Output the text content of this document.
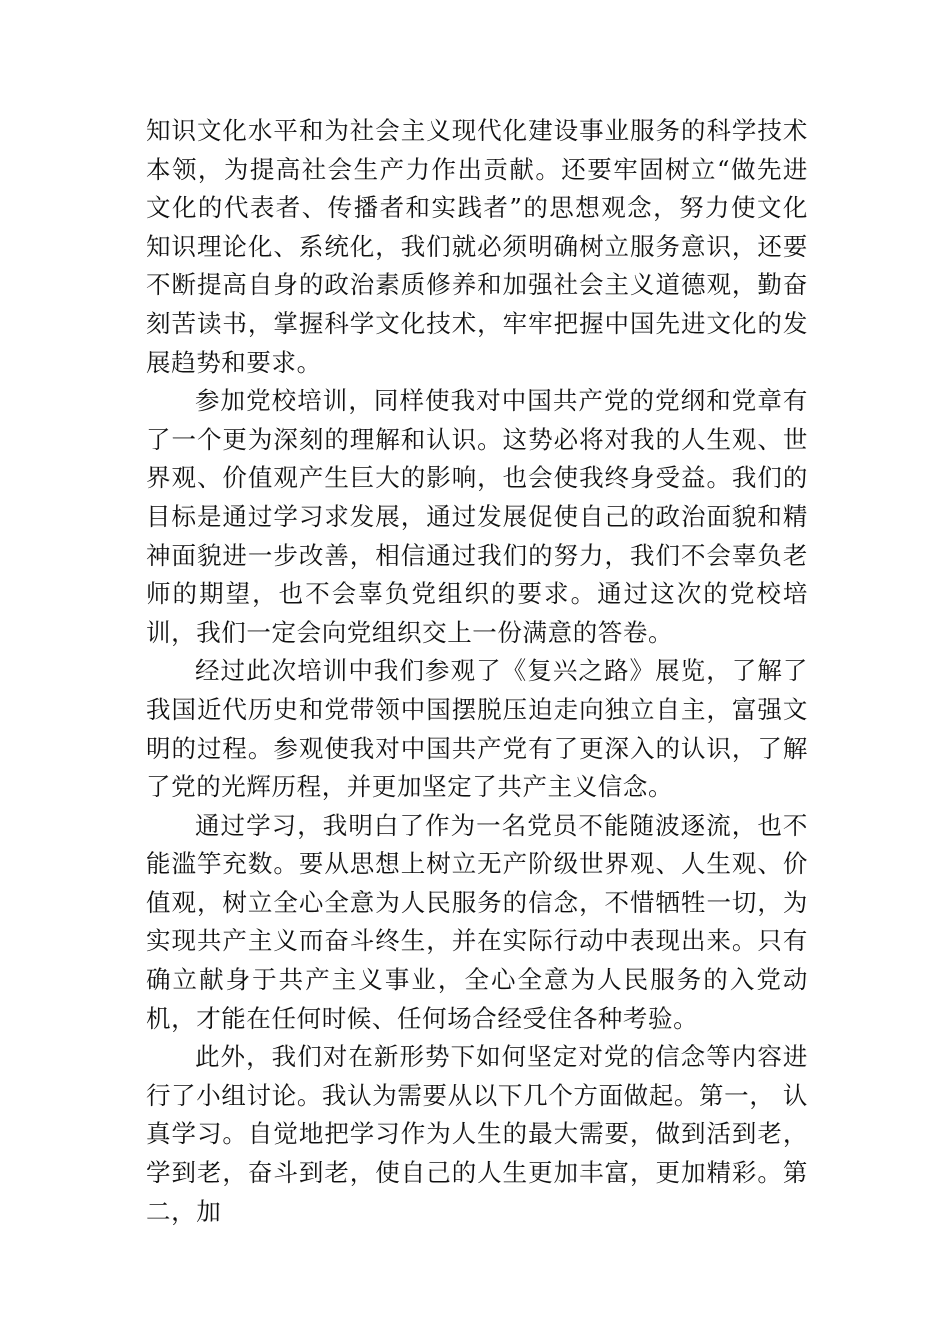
知识文化水平和为社会主义现代化建设事业服务的科学技术本领，为提高社会生产力作出贡献。还要牢固树立“做先进文化的代表者、传播者和实践者”的思想观念，努力使文化知识理论化、系统化，我们就必须明确树立服务意识，还要不断提高自身的政治素质修养和加强社会主义道德观，勤奋刻苦读书，掌握科学文化技术，牢牢把握中国先进文化的发展趋势和要求。

参加党校培训，同样使我对中国共产党的党纲和党章有了一个更为深刻的理解和认识。这势必将对我的人生观、世界观、价值观产生巨大的影响，也会使我终身受益。我们的目标是通过学习求发展，通过发展促使自己的政治面貌和精神面貌进一步改善，相信通过我们的努力，我们不会辜负老师的期望，也不会辜负党组织的要求。通过这次的党校培训，我们一定会向党组织交上一份满意的答卷。

经过此次培训中我们参观了《复兴之路》展览，了解了我国近代历史和党带领中国摆脱压迫走向独立自主，富强文明的过程。参观使我对中国共产党有了更深入的认识，了解了党的光辉历程，并更加坚定了共产主义信念。

通过学习，我明白了作为一名党员不能随波逐流，也不能滥竽充数。要从思想上树立无产阶级世界观、人生观、价值观，树立全心全意为人民服务的信念，不惜牺牲一切，为实现共产主义而奋斗终生，并在实际行动中表现出来。只有确立献身于共产主义事业，全心全意为人民服务的入党动机，才能在任何时候、任何场合经受住各种考验。

此外，我们对在新形势下如何坚定对党的信念等内容进行了小组讨论。我认为需要从以下几个方面做起。第一， 认真学习。自觉地把学习作为人生的最大需要，做到活到老，学到老，奋斗到老，使自己的人生更加丰富，更加精彩。第二，加
